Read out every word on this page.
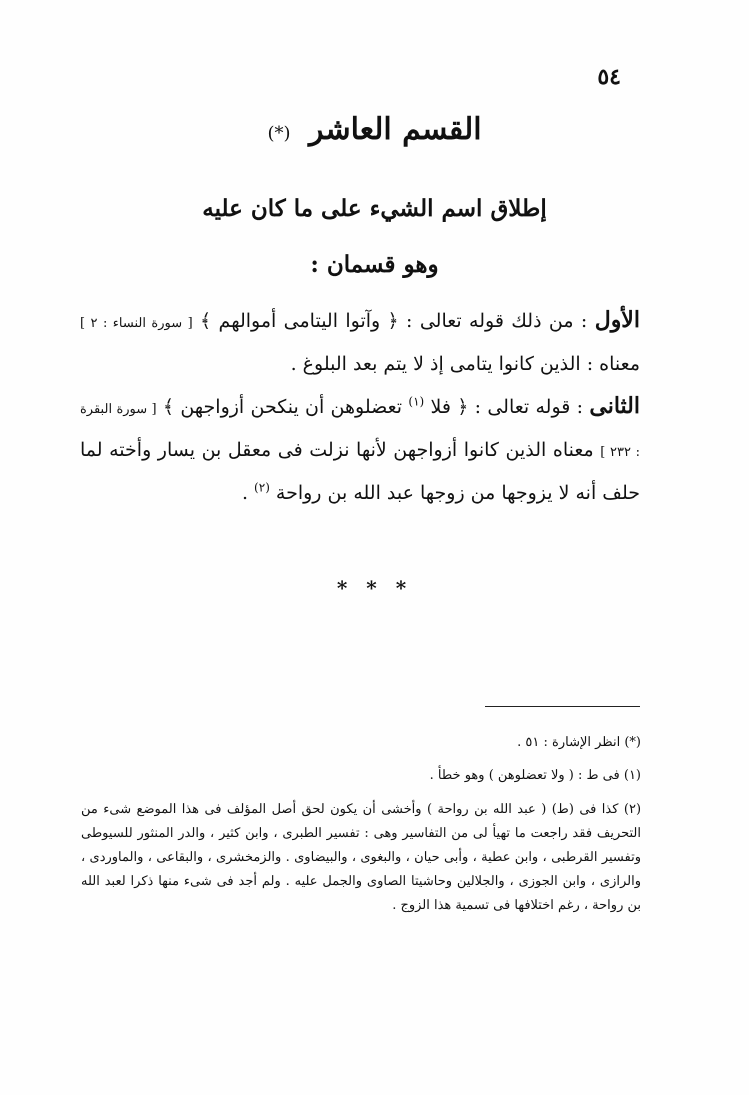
٥٤
القسم العاشر (*)
إطلاق اسم الشيء على ما كان عليه
وهو قسمان :
الأول : من ذلك قوله تعالى : ﴿ وآتوا اليتامى أموالهم ﴾ [ سورة النساء : ٢ ] معناه : الذين كانوا يتامى إذ لا يتم بعد البلوغ .
الثانى : قوله تعالى : ﴿ فلا $^{(١)}$ تعضلوهن أن ينكحن أزواجهن ﴾ [ سورة البقرة : ٢٣٢ ] معناه الذين كانوا أزواجهن لأنها نزلت فى معقل بن يسار وأخته لما حلف أنه لا يزوجها من زوجها عبد الله بن رواحة $^{(٢)}$ .
* * *
(*) انظر الإشارة : ٥١ .
(١) فى ط : ( ولا تعضلوهن ) وهو خطأ .
(٢) كذا فى (ط) ( عبد الله بن رواحة ) وأخشى أن يكون لحق أصل المؤلف فى هذا الموضع شىء من التحريف فقد راجعت ما تهيأ لى من التفاسير وهى : تفسير الطبرى ، وابن كثير ، والدر المنثور للسيوطى وتفسير القرطبى ، وابن عطية ، وأبى حيان ، والبغوى ، والبيضاوى . والزمخشرى ، والبقاعى ، والماوردى ، والرازى ، وابن الجوزى ، والجلالين وحاشيتا الصاوى والجمل عليه . ولم أجد فى شىء منها ذكرا لعبد الله بن رواحة ، رغم اختلافها فى تسمية هذا الزوج .
